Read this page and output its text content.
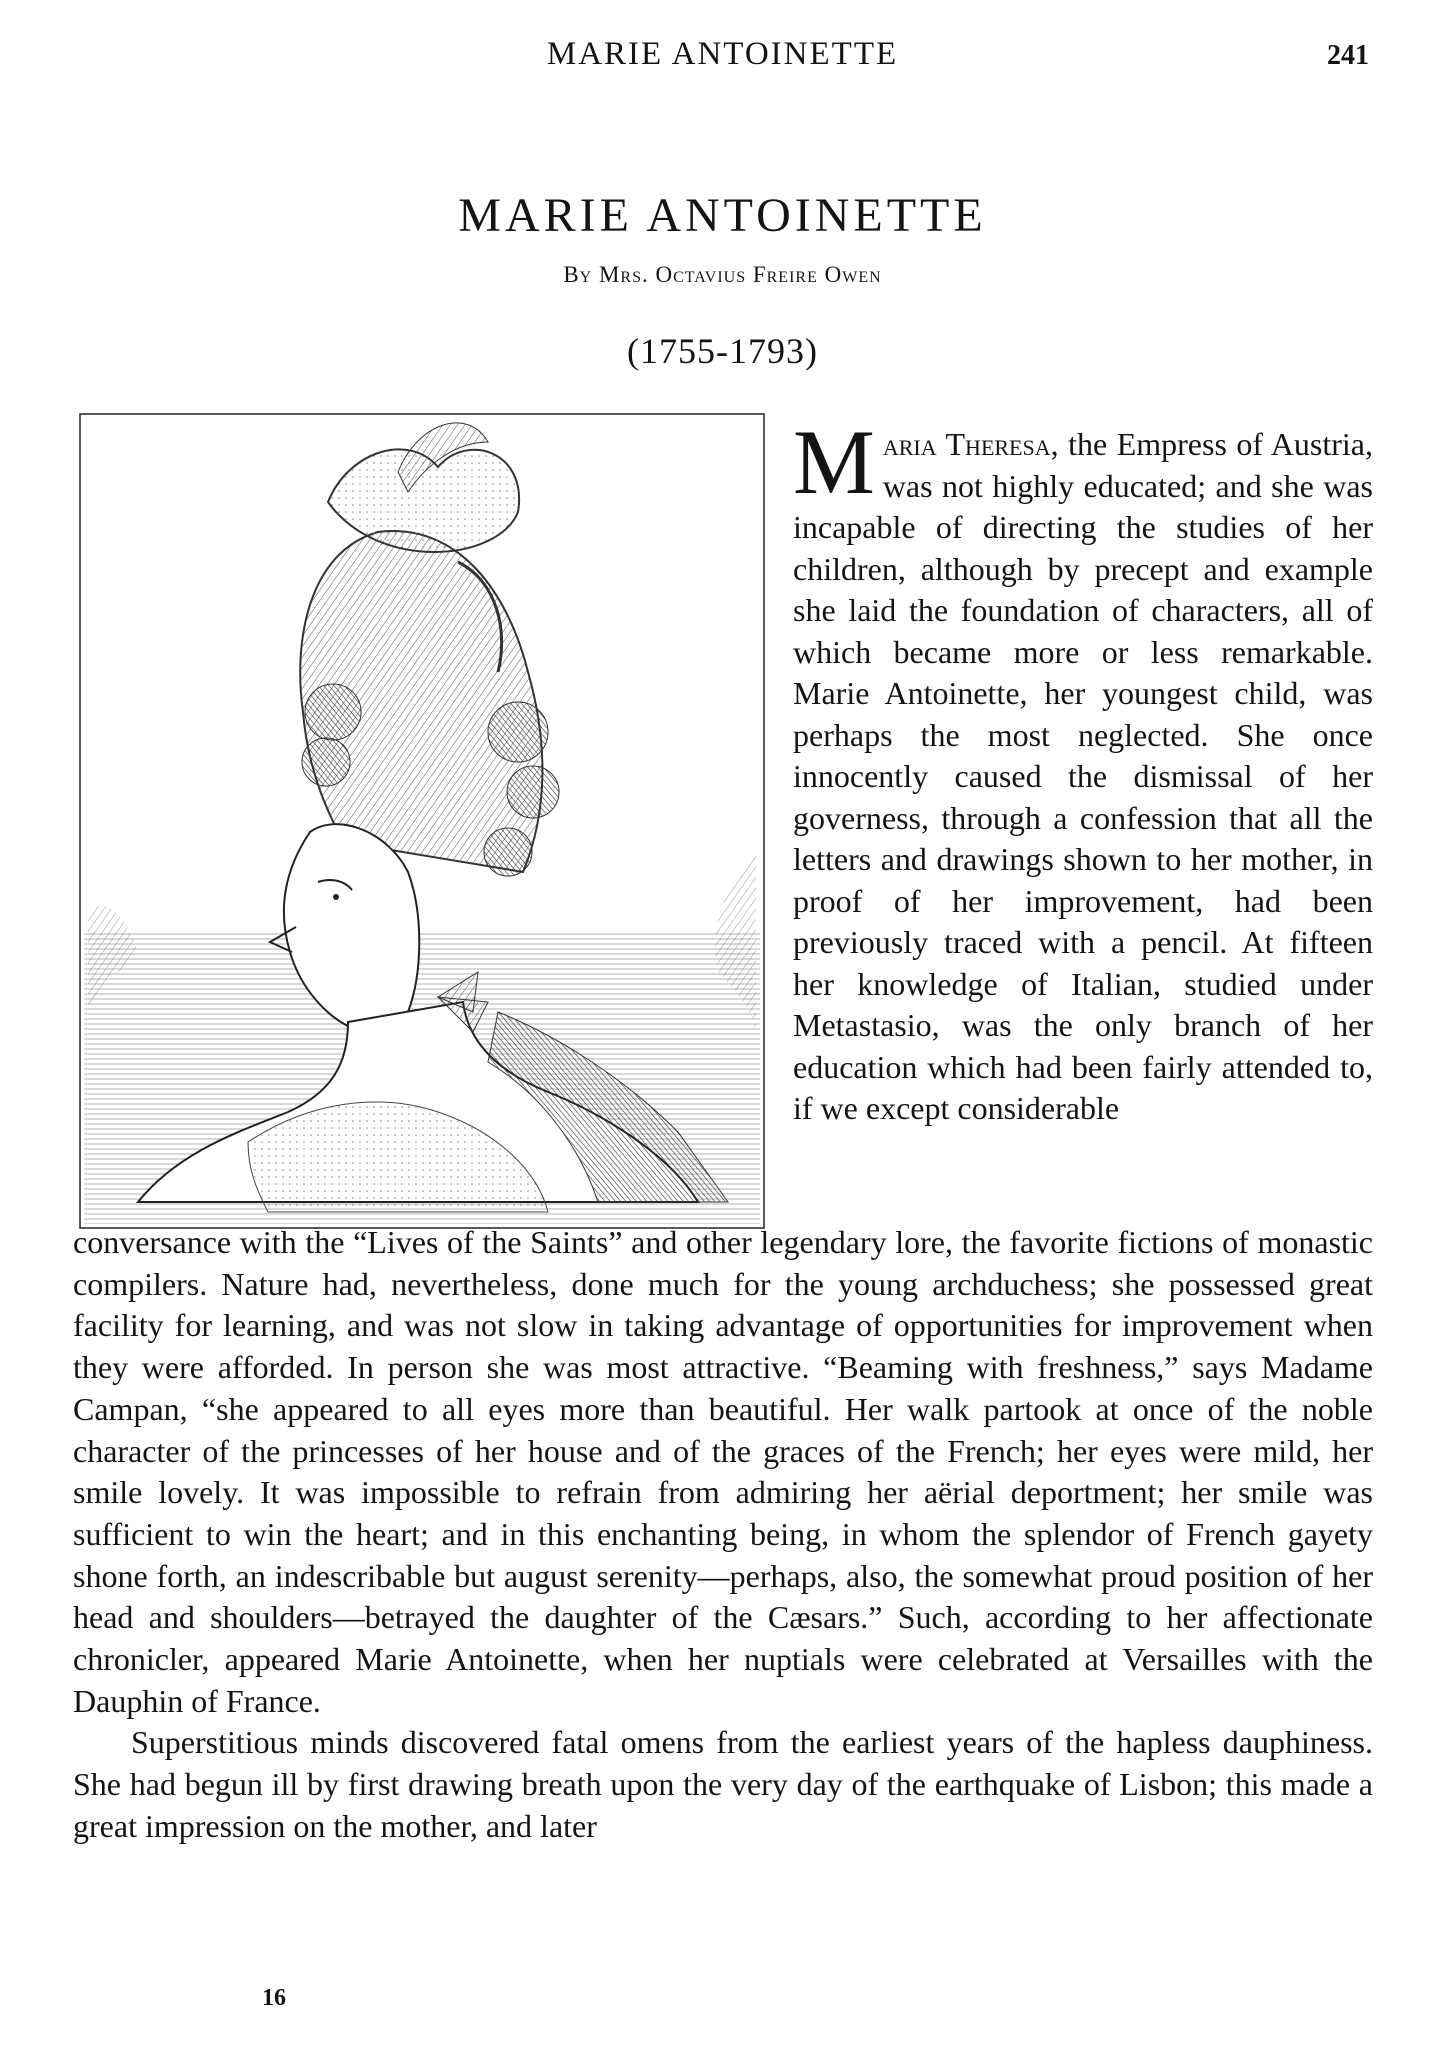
MARIE ANTOINETTE	241
MARIE ANTOINETTE
By Mrs. Octavius Freire Owen
(1755-1793)
Maria Theresa, the Empress of Austria, was not highly educated; and she was incapable of directing the studies of her children, although by precept and example she laid the foundation of characters, all of which became more or less remarkable. Marie Antoinette, her youngest child, was perhaps the most neglected. She once innocently caused the dismissal of her governess, through a confession that all the letters and drawings shown to her mother, in proof of her improvement, had been previously traced with a pencil. At fifteen her knowledge of Italian, studied under Metastasio, was the only branch of her education which had been fairly attended to, if we except considerable

conversance with the “Lives of the Saints” and other legendary lore, the favorite fictions of monastic compilers. Nature had, nevertheless, done much for the young archduchess; she possessed great facility for learning, and was not slow in taking advantage of opportunities for improvement when they were afforded. In person she was most attractive. “Beaming with freshness,” says Madame Campan, “she appeared to all eyes more than beautiful. Her walk partook at once of the noble character of the princesses of her house and of the graces of the French; her eyes were mild, her smile lovely. It was impossible to refrain from admiring her aërial deportment; her smile was sufficient to win the heart; and in this enchanting being, in whom the splendor of French gayety shone forth, an indescribable but august serenity—perhaps, also, the somewhat proud position of her head and shoulders—betrayed the daughter of the Cæsars.” Such, according to her affectionate chronicler, appeared Marie Antoinette, when her nuptials were celebrated at Versailles with the Dauphin of France.

Superstitious minds discovered fatal omens from the earliest years of the hapless dauphiness. She had begun ill by first drawing breath upon the very day of the earthquake of Lisbon; this made a great impression on the mother, and later

16
